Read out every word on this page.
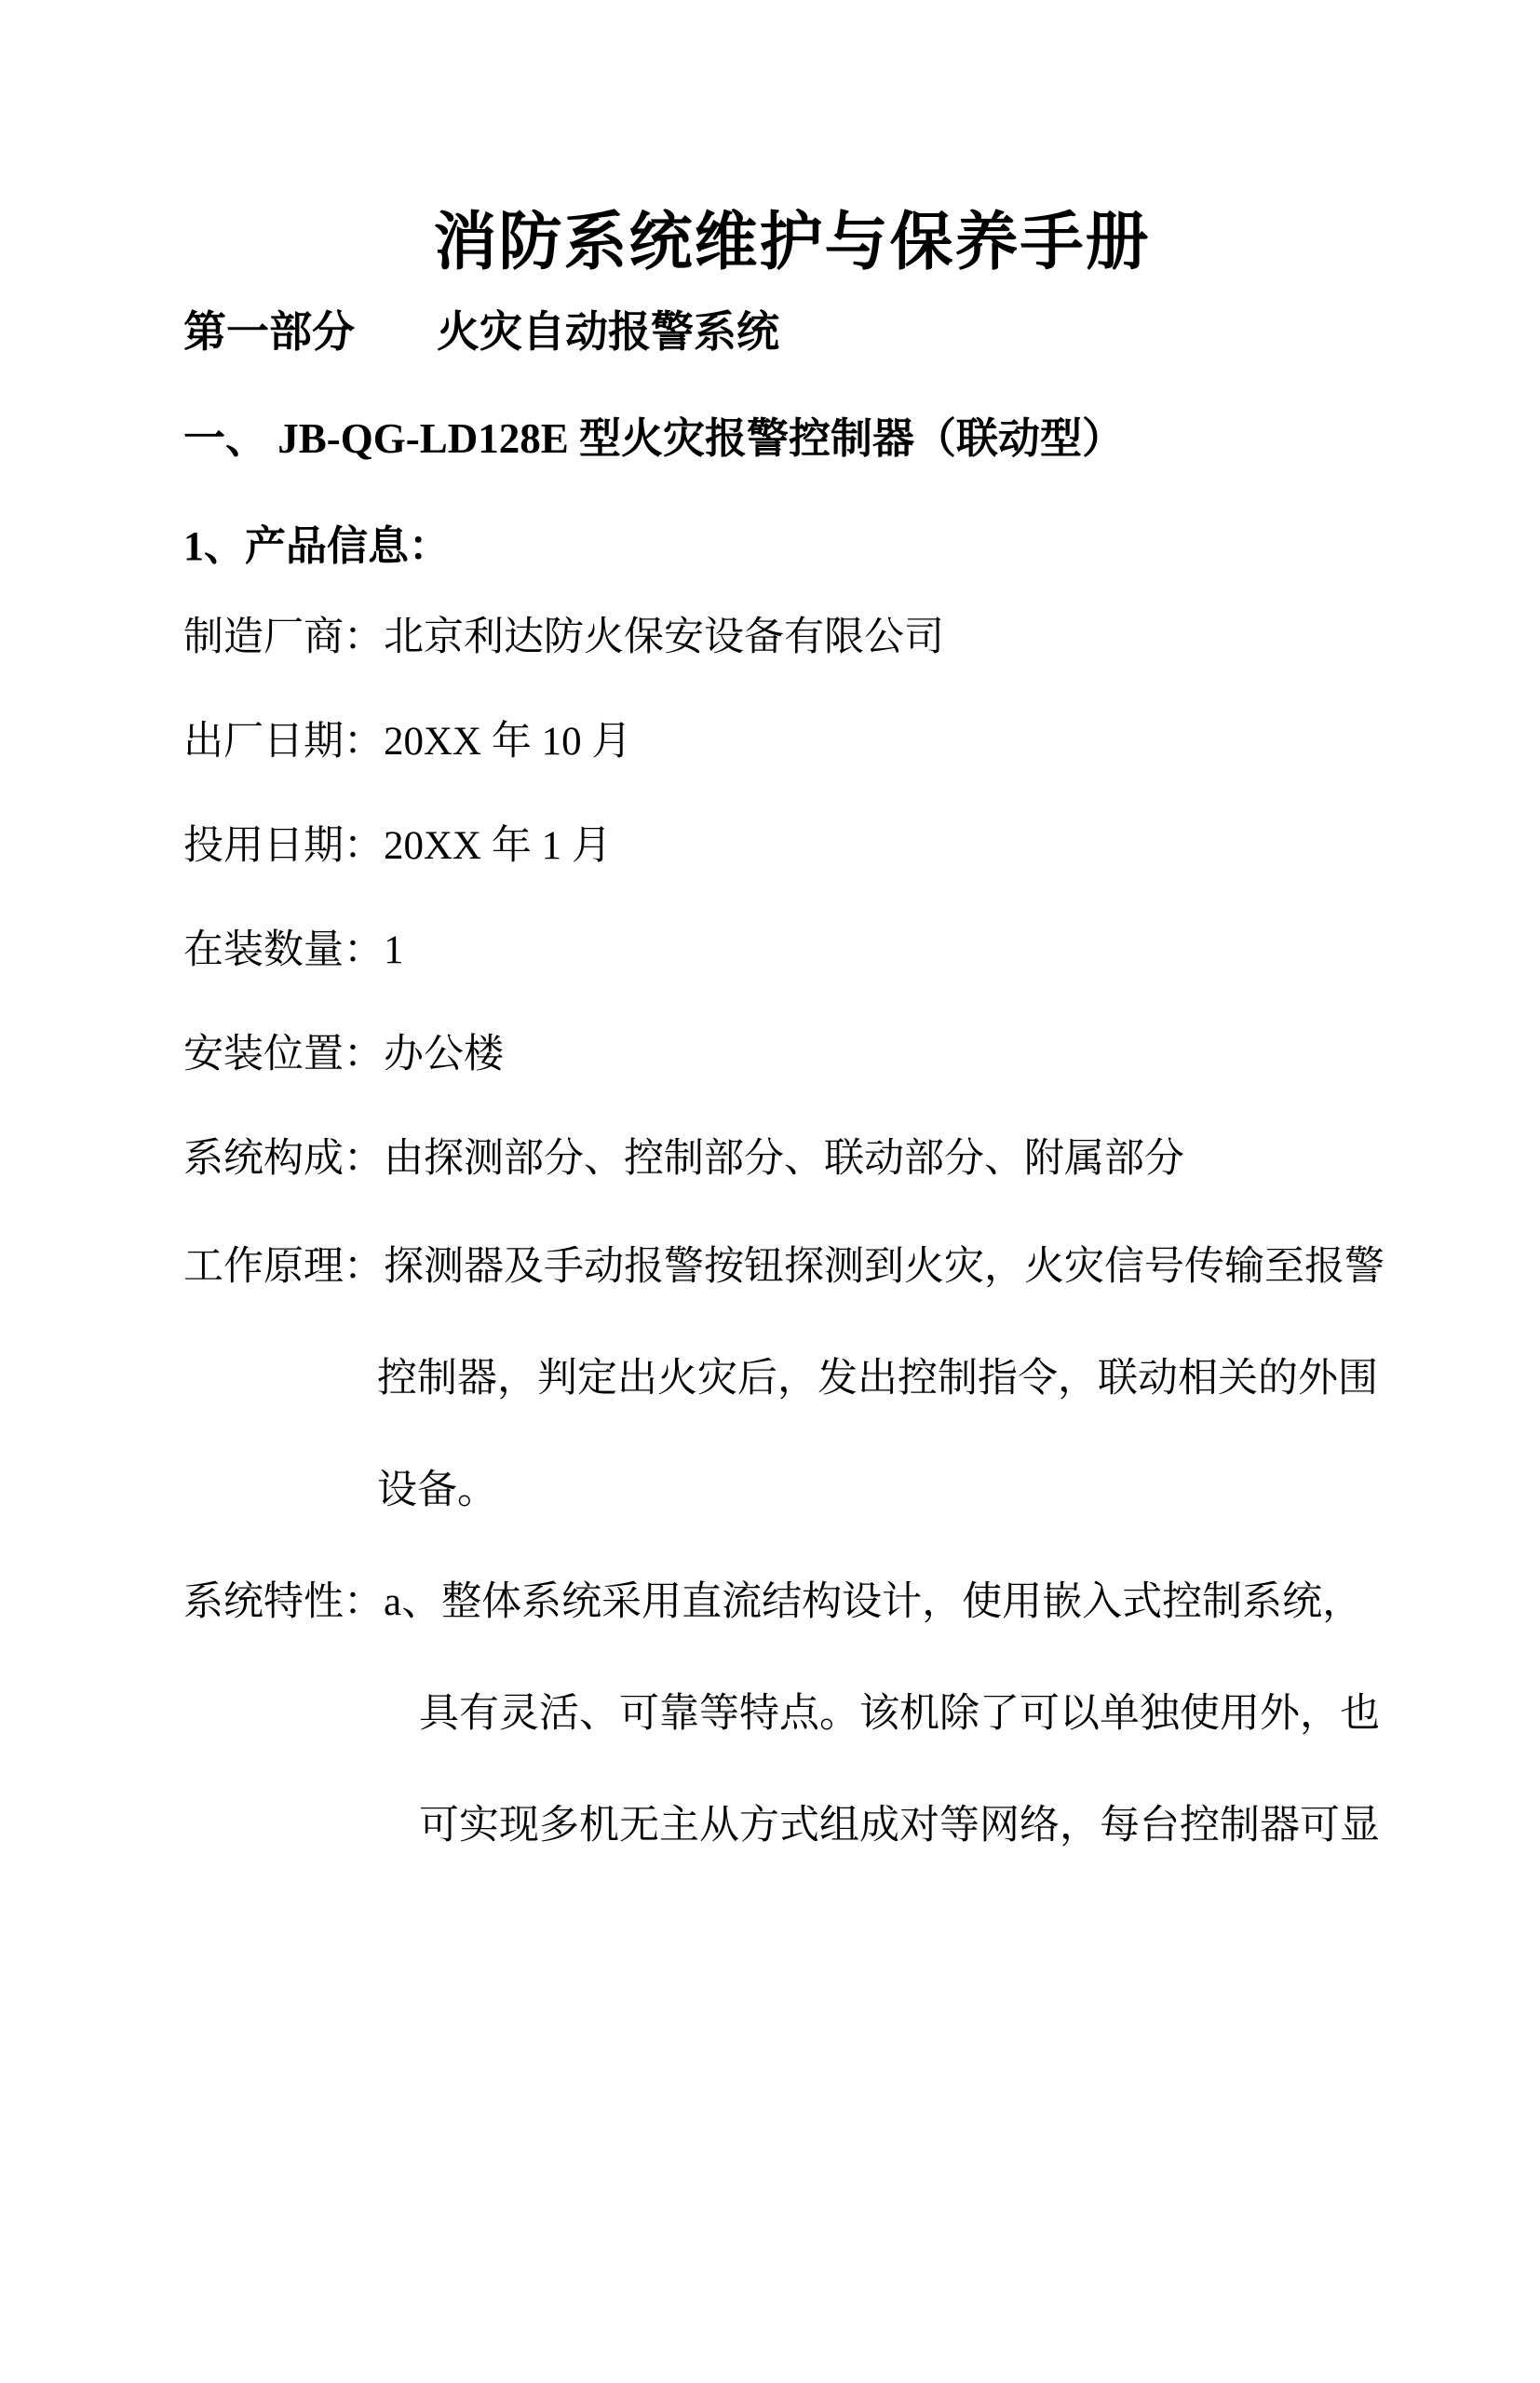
消防系统维护与保养手册
第一部分 火灾自动报警系统
一、 JB-QG-LD128E 型火灾报警控制器（联动型）
1、产品信息：
制造厂商：北京利达防火保安设备有限公司
出厂日期：20XX 年 10 月
投用日期：20XX 年 1 月
在装数量：1
安装位置：办公楼
系统构成：由探测部分、控制部分、联动部分、附属部分
工作原理：探测器及手动报警按钮探测到火灾，火灾信号传输至报警
控制器，判定出火灾后，发出控制指令，联动相关的外围
设备。
系统特性：a、整体系统采用直流结构设计，使用嵌入式控制系统，
具有灵活、可靠等特点。该机除了可以单独使用外，也
可实现多机无主从方式组成对等网络，每台控制器可显
